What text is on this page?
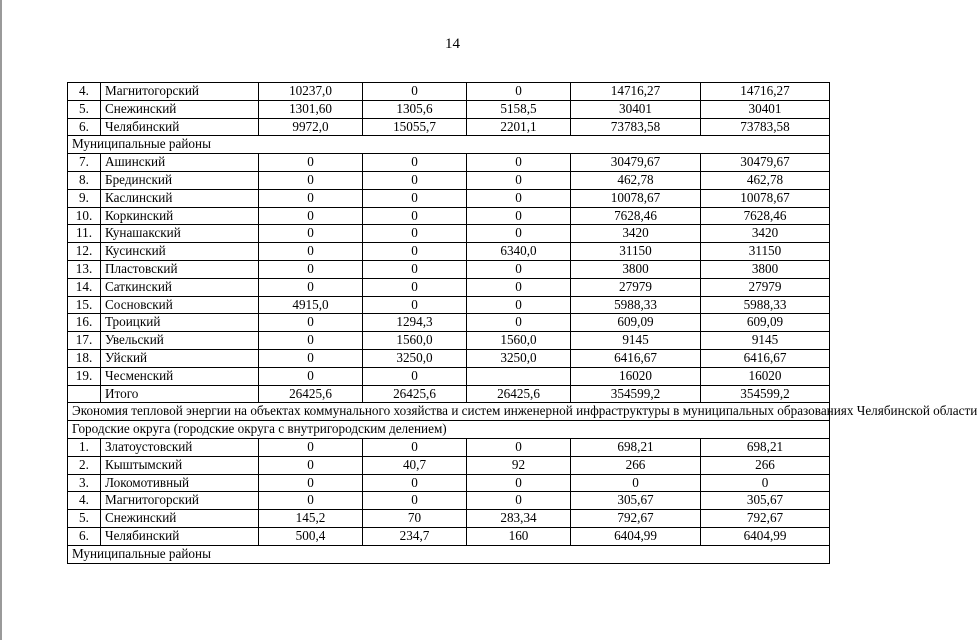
14
4.	Магнитогорский	10237,0	0	0	14716,27	14716,27
5.	Снежинский	1301,60	1305,6	5158,5	30401	30401
6.	Челябинский	9972,0	15055,7	2201,1	73783,58	73783,58
Муниципальные районы						
7.	Ашинский	0	0	0	30479,67	30479,67
8.	Брединский	0	0	0	462,78	462,78
9.	Каслинский	0	0	0	10078,67	10078,67
10.	Коркинский	0	0	0	7628,46	7628,46
11.	Кунашакский	0	0	0	3420	3420
12.	Кусинский	0	0	6340,0	31150	31150
13.	Пластовский	0	0	0	3800	3800
14.	Саткинский	0	0	0	27979	27979
15.	Сосновский	4915,0	0	0	5988,33	5988,33
16.	Троицкий	0	1294,3	0	609,09	609,09
17.	Увельский	0	1560,0	1560,0	9145	9145
18.	Уйский	0	3250,0	3250,0	6416,67	6416,67
19.	Чесменский	0	0		16020	16020
	Итого	26425,6	26425,6	26425,6	354599,2	354599,2
Экономия тепловой энергии на объектах коммунального хозяйства и систем инженерной инфраструктуры в муниципальных образованиях Челябинской области						
Городские округа (городские округа с внутригородским делением)						
1.	Златоустовский	0	0	0	698,21	698,21
2.	Кыштымский	0	40,7	92	266	266
3.	Локомотивный	0	0	0	0	0
4.	Магнитогорский	0	0	0	305,67	305,67
5.	Снежинский	145,2	70	283,34	792,67	792,67
6.	Челябинский	500,4	234,7	160	6404,99	6404,99
Муниципальные районы						
